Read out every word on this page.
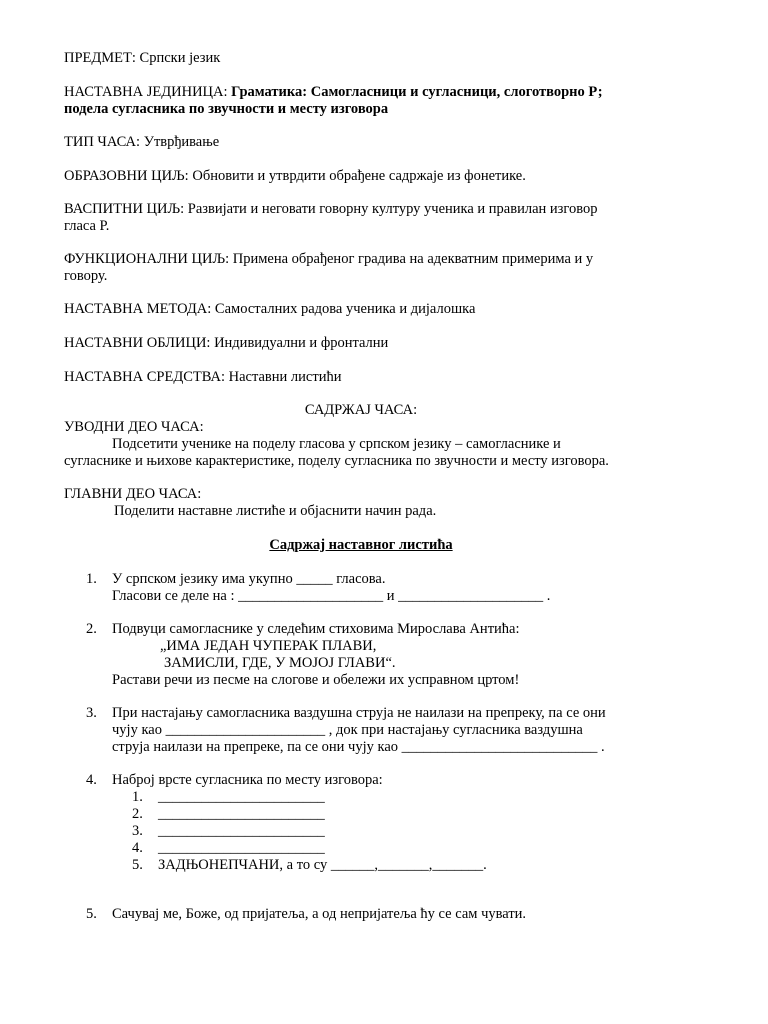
ПРЕДМЕТ: Српски језик
НАСТАВНА ЈЕДИНИЦА: Граматика: Самогласници и сугласници, слоготворно Р;
подела сугласника по звучности и месту изговора
ТИП ЧАСА: Утврђивање
ОБРАЗОВНИ ЦИЉ: Обновити и утврдити обрађене садржаје из фонетике.
ВАСПИТНИ ЦИЉ: Развијати и неговати говорну културу ученика и правилан изговор
гласа Р.
ФУНКЦИОНАЛНИ ЦИЉ: Примена обрађеног градива на адекватним примерима и у
говору.
НАСТАВНА МЕТОДА: Самосталних радова ученика и дијалошка
НАСТАВНИ ОБЛИЦИ: Индивидуални и фронтални
НАСТАВНА СРЕДСТВА: Наставни листићи
САДРЖАЈ ЧАСА:
УВОДНИ ДЕО ЧАСА:
Подсетити ученике на поделу гласова у српском језику – самогласнике и
сугласнике и њихове карактеристике, поделу сугласника по звучности и месту изговора.
ГЛАВНИ ДЕО ЧАСА:
Поделити наставне листиће и објаснити начин рада.
Садржај наставног листића
1. У српском језику има укупно _____ гласова.
Гласови се деле на : ____________________ и ____________________ .
2. Подвуци самогласнике у следећим стиховима Мирослава Антића:
„ИМА ЈЕДАН ЧУПЕРАК ПЛАВИ,
ЗАМИСЛИ, ГДЕ, У МОЈОЈ ГЛАВИ“.
Растави речи из песме на слогове и обележи их усправном цртом!
3. При настајању самогласника ваздушна струја не наилази на препреку, па се они
чују као ______________________ , док при настајању сугласника ваздушна
струја наилази на препреке, па се они чују као ___________________________ .
4. Наброј врсте сугласника по месту изговора:
1. _______________________
2. _______________________
3. _______________________
4. _______________________
5. ЗАДЊОНЕПЧАНИ, а то су ______,_______,_______.
5. Сачувај ме, Боже, од пријатеља, а од непријатеља ћу се сам чувати.
